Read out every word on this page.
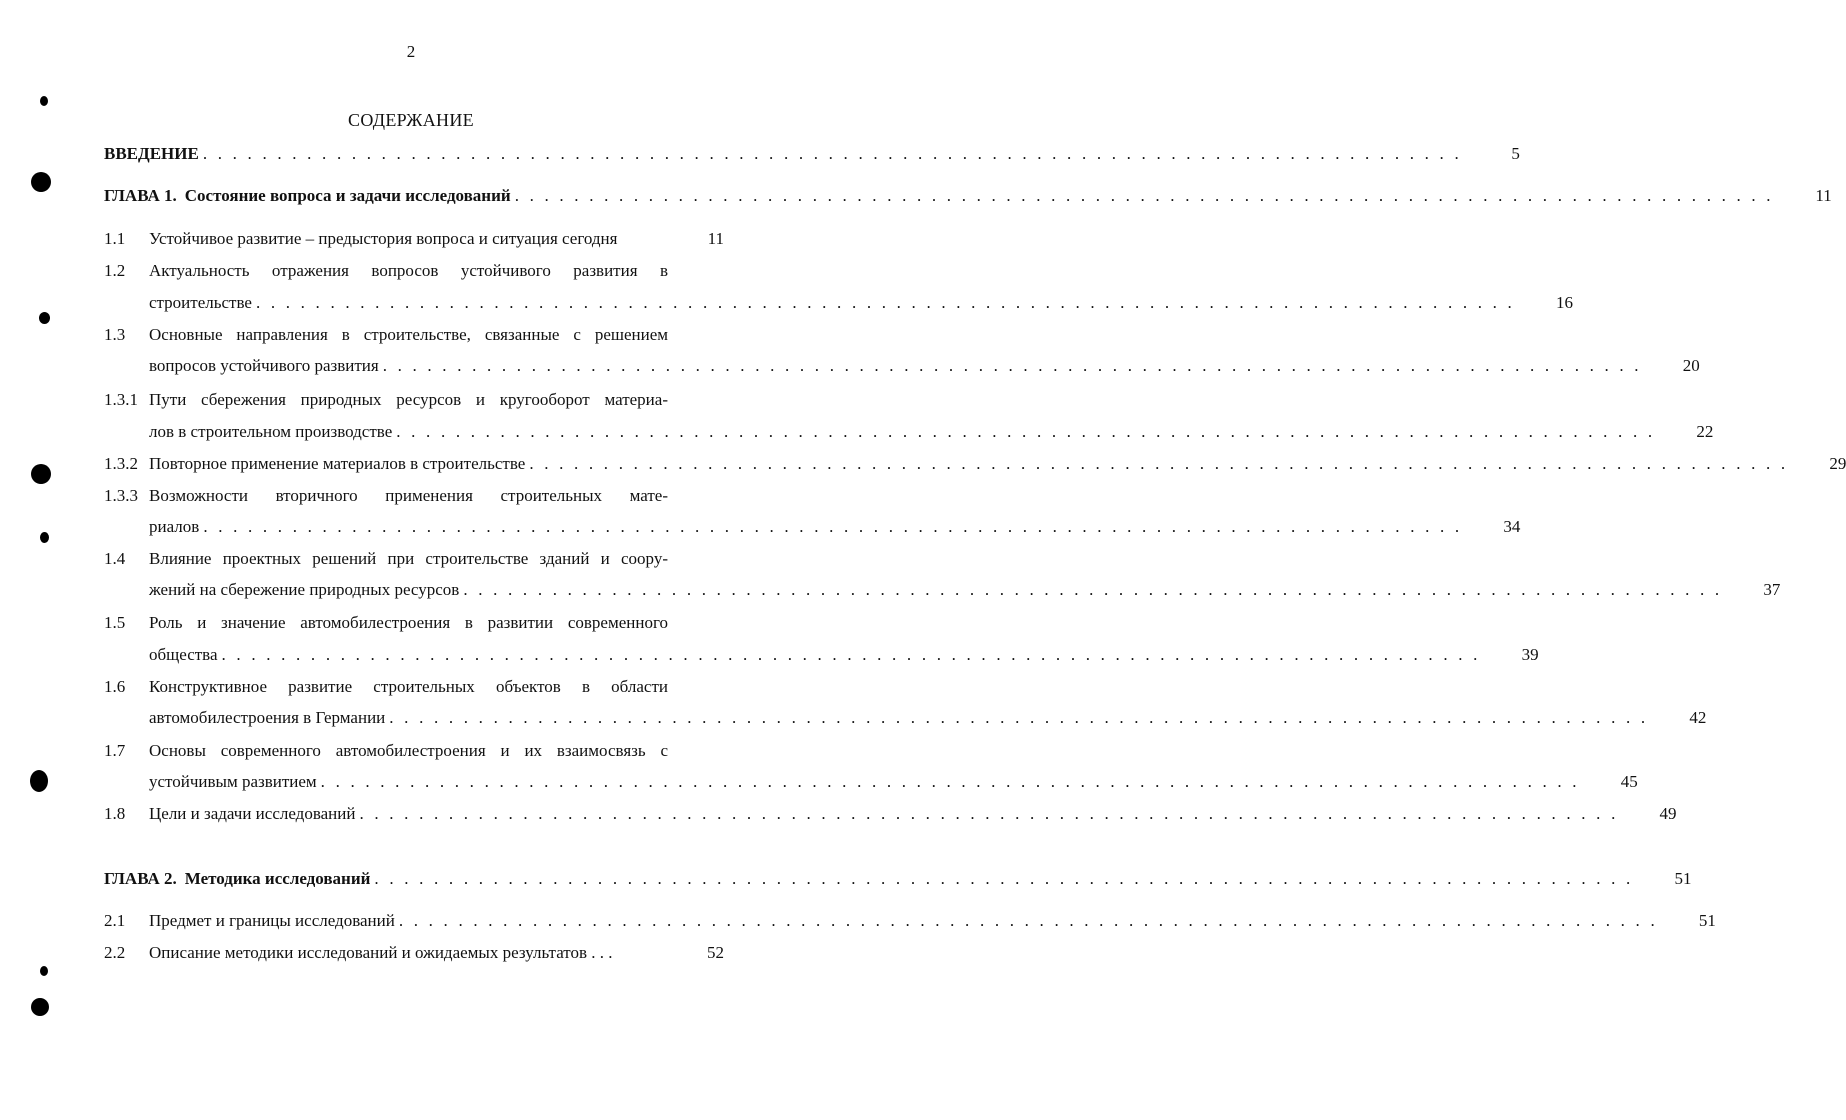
2
СОДЕРЖАНИЕ
ВВЕДЕНИЕ . . . . . . . . . . . . . . . . . . . . . . . . . . . . . . . . . . . . . . . . . . . . . . . . . . . . . . . . . . . . . . . . . . . . . . . . . . . . . . . . . . . . .	5
ГЛАВА 1. Состояние вопроса и задачи исследований . . . . . . . . . . . . . . . . . . . . . . . . . . . . . . . . . . . . . . . . . . . . . . . . . . . . . . . . . . . . . . . . . . . . . . . . . . . . . . . . . . . . .	11
1.1	Устойчивое развитие – предыстория вопроса и ситуация сегодня	11
1.2	Актуальность отражения вопросов устойчивого развития в
строительстве . . . . . . . . . . . . . . . . . . . . . . . . . . . . . . . . . . . . . . . . . . . . . . . . . . . . . . . . . . . . . . . . . . . . . . . . . . . . . . . . . . . . .	16
1.3	Основные направления в строительстве, связанные с решением
вопросов устойчивого развития . . . . . . . . . . . . . . . . . . . . . . . . . . . . . . . . . . . . . . . . . . . . . . . . . . . . . . . . . . . . . . . . . . . . . . . . . . . . . . . . . . . . .	20
1.3.1 Пути сбережения природных ресурсов и кругооборот материа-
лов в строительном производстве . . . . . . . . . . . . . . . . . . . . . . . . . . . . . . . . . . . . . . . . . . . . . . . . . . . . . . . . . . . . . . . . . . . . . . . . . . . . . . . . . . . . .	22
1.3.2 Повторное применение материалов в строительстве . . . . . . . . . . . . . . . . . . . . . . . . . . . . . . . . . . . . . . . . . . . . . . . . . . . . . . . . . . . . . . . . . . . . . . . . . . . . . . . . . . . . .	29
1.3.3 Возможности вторичного применения строительных мате-
риалов . . . . . . . . . . . . . . . . . . . . . . . . . . . . . . . . . . . . . . . . . . . . . . . . . . . . . . . . . . . . . . . . . . . . . . . . . . . . . . . . . . . . .	34
1.4	Влияние проектных решений при строительстве зданий и соору-
жений на сбережение природных ресурсов . . . . . . . . . . . . . . . . . . . . . . . . . . . . . . . . . . . . . . . . . . . . . . . . . . . . . . . . . . . . . . . . . . . . . . . . . . . . . . . . . . . . .	37
1.5	Роль и значение автомобилестроения в развитии современного
общества . . . . . . . . . . . . . . . . . . . . . . . . . . . . . . . . . . . . . . . . . . . . . . . . . . . . . . . . . . . . . . . . . . . . . . . . . . . . . . . . . . . . .	39
1.6	Конструктивное развитие строительных объектов в области
автомобилестроения в Германии . . . . . . . . . . . . . . . . . . . . . . . . . . . . . . . . . . . . . . . . . . . . . . . . . . . . . . . . . . . . . . . . . . . . . . . . . . . . . . . . . . . . .	42
1.7	Основы современного автомобилестроения и их взаимосвязь с
устойчивым развитием . . . . . . . . . . . . . . . . . . . . . . . . . . . . . . . . . . . . . . . . . . . . . . . . . . . . . . . . . . . . . . . . . . . . . . . . . . . . . . . . . . . . .	45
1.8	Цели и задачи исследований . . . . . . . . . . . . . . . . . . . . . . . . . . . . . . . . . . . . . . . . . . . . . . . . . . . . . . . . . . . . . . . . . . . . . . . . . . . . . . . . . . . . .	49
ГЛАВА 2. Методика исследований . . . . . . . . . . . . . . . . . . . . . . . . . . . . . . . . . . . . . . . . . . . . . . . . . . . . . . . . . . . . . . . . . . . . . . . . . . . . . . . . . . . . .	51
2.1	Предмет и границы исследований . . . . . . . . . . . . . . . . . . . . . . . . . . . . . . . . . . . . . . . . . . . . . . . . . . . . . . . . . . . . . . . . . . . . . . . . . . . . . . . . . . . . .	51
2.2	Описание методики исследований и ожидаемых результатов . . .	52
